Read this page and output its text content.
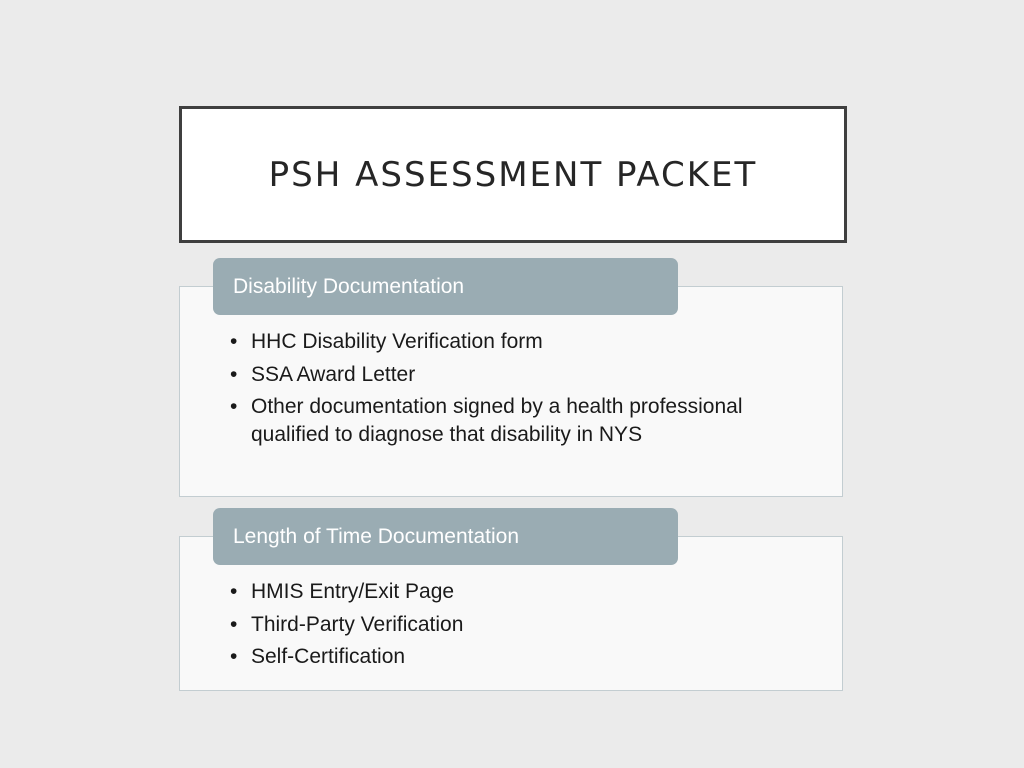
PSH ASSESSMENT PACKET
Disability Documentation
• HHC Disability Verification form
• SSA Award Letter
• Other documentation signed by a health professional qualified to diagnose that disability in NYS
Length of Time Documentation
• HMIS Entry/Exit Page
• Third-Party Verification
• Self-Certification
